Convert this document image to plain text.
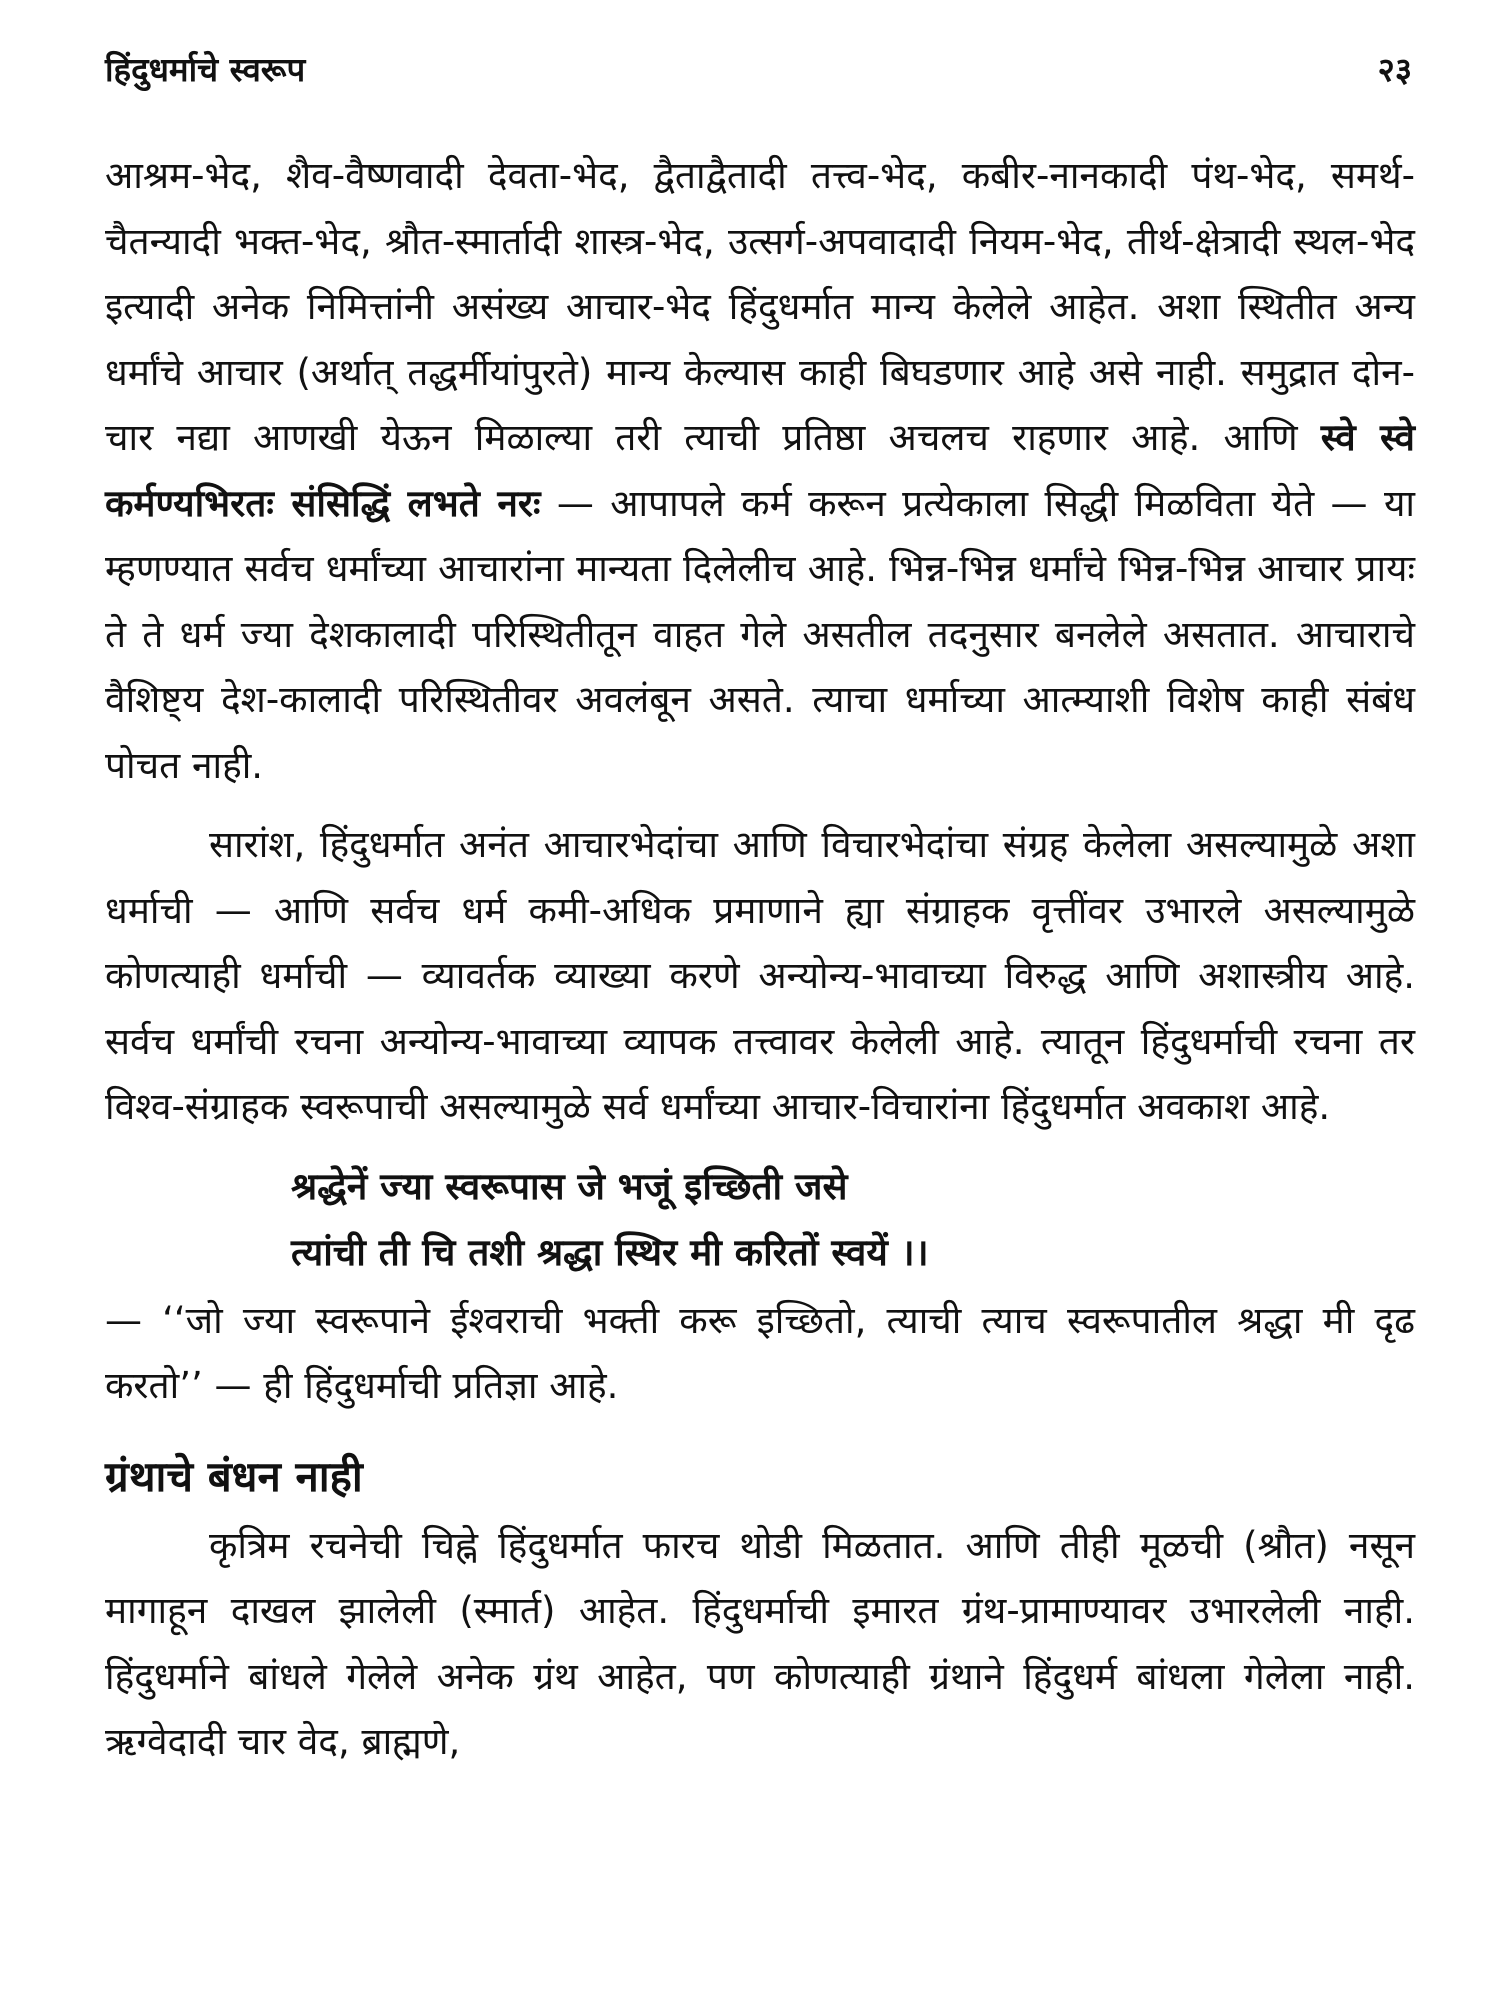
हिंदुधर्माचे स्वरूप	२३

आश्रम-भेद, शैव-वैष्णवादी देवता-भेद, द्वैताद्वैतादी तत्त्व-भेद, कबीर-नानकादी पंथ-भेद, समर्थ-चैतन्यादी भक्त-भेद, श्रौत-स्मार्तादी शास्त्र-भेद, उत्सर्ग-अपवादादी नियम-भेद, तीर्थ-क्षेत्रादी स्थल-भेद इत्यादी अनेक निमित्तांनी असंख्य आचार-भेद हिंदुधर्मात मान्य केलेले आहेत. अशा स्थितीत अन्य धर्मांचे आचार (अर्थात् तद्धर्मीयांपुरते) मान्य केल्यास काही बिघडणार आहे असे नाही. समुद्रात दोन-चार नद्या आणखी येऊन मिळाल्या तरी त्याची प्रतिष्ठा अचलच राहणार आहे. आणि स्वे स्वे कर्मण्यभिरतः संसिद्धिं लभते नरः — आपापले कर्म करून प्रत्येकाला सिद्धी मिळविता येते — या म्हणण्यात सर्वच धर्मांच्या आचारांना मान्यता दिलेलीच आहे. भिन्न-भिन्न धर्मांचे भिन्न-भिन्न आचार प्रायः ते ते धर्म ज्या देशकालादी परिस्थितीतून वाहत गेले असतील तदनुसार बनलेले असतात. आचाराचे वैशिष्ट्य देश-कालादी परिस्थितीवर अवलंबून असते. त्याचा धर्माच्या आत्म्याशी विशेष काही संबंध पोचत नाही.

सारांश, हिंदुधर्मात अनंत आचारभेदांचा आणि विचारभेदांचा संग्रह केलेला असल्यामुळे अशा धर्माची — आणि सर्वच धर्म कमी-अधिक प्रमाणाने ह्या संग्राहक वृत्तींवर उभारले असल्यामुळे कोणत्याही धर्माची — व्यावर्तक व्याख्या करणे अन्योन्य-भावाच्या विरुद्ध आणि अशास्त्रीय आहे. सर्वच धर्मांची रचना अन्योन्य-भावाच्या व्यापक तत्त्वावर केलेली आहे. त्यातून हिंदुधर्माची रचना तर विश्व-संग्राहक स्वरूपाची असल्यामुळे सर्व धर्मांच्या आचार-विचारांना हिंदुधर्मात अवकाश आहे.

श्रद्धेनें ज्या स्वरूपास जे भजूं इच्छिती जसे
त्यांची ती चि तशी श्रद्धा स्थिर मी करितों स्वयें ।।

— ‘‘जो ज्या स्वरूपाने ईश्वराची भक्ती करू इच्छितो, त्याची त्याच स्वरूपातील श्रद्धा मी दृढ करतो’’ — ही हिंदुधर्माची प्रतिज्ञा आहे.

ग्रंथाचे बंधन नाही

कृत्रिम रचनेची चिह्ने हिंदुधर्मात फारच थोडी मिळतात. आणि तीही मूळची (श्रौत) नसून मागाहून दाखल झालेली (स्मार्त) आहेत. हिंदुधर्माची इमारत ग्रंथ-प्रामाण्यावर उभारलेली नाही. हिंदुधर्माने बांधले गेलेले अनेक ग्रंथ आहेत, पण कोणत्याही ग्रंथाने हिंदुधर्म बांधला गेलेला नाही. ऋग्वेदादी चार वेद, ब्राह्मणे,
